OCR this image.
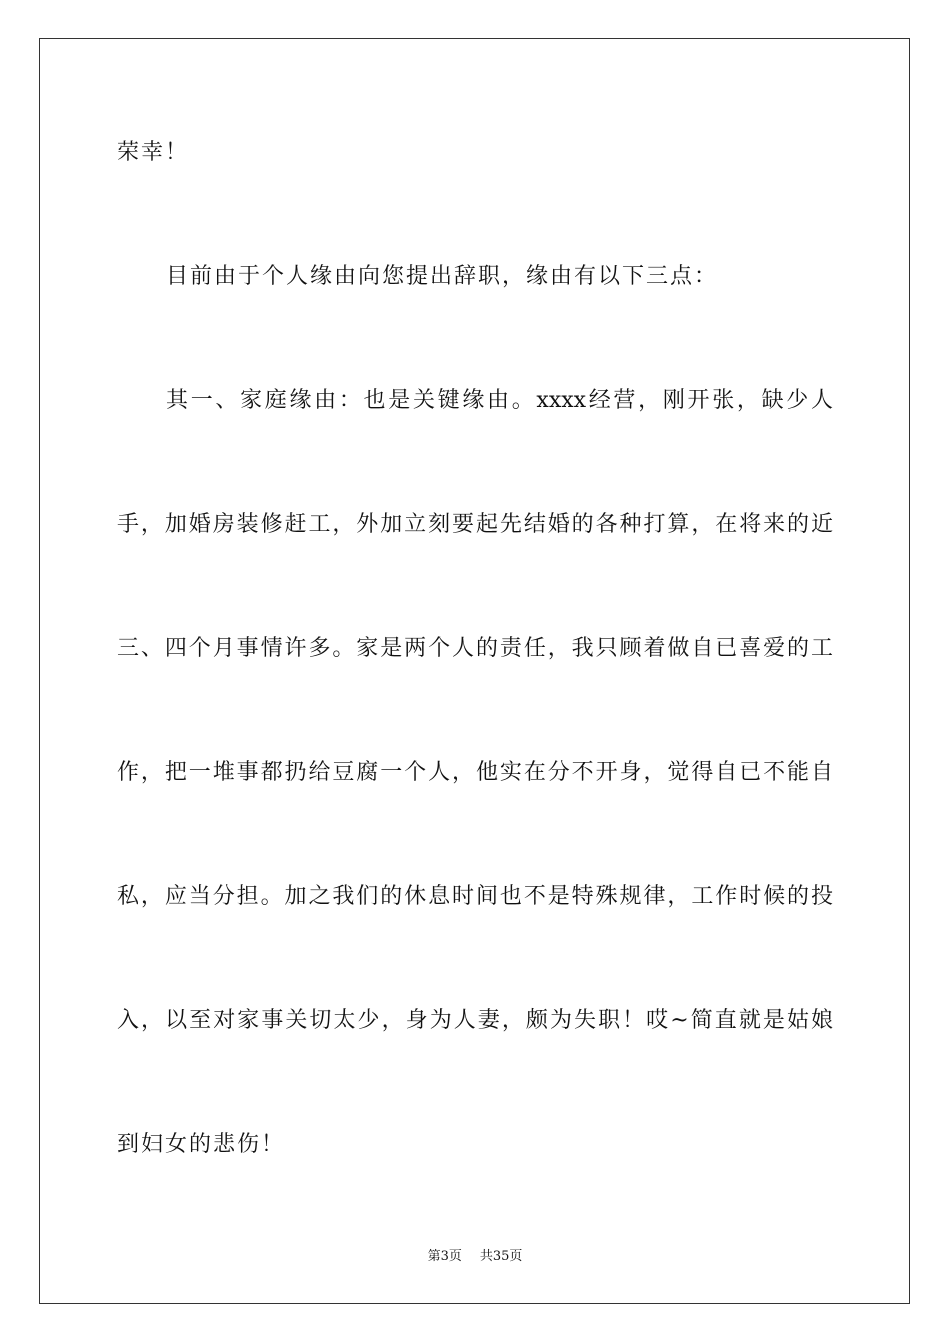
荣幸！
目前由于个人缘由向您提出辞职，缘由有以下三点：
其一、家庭缘由：也是关键缘由。xxxx经营，刚开张，缺少人
手，加婚房装修赶工，外加立刻要起先结婚的各种打算，在将来的近
三、四个月事情许多。家是两个人的责任，我只顾着做自已喜爱的工
作，把一堆事都扔给豆腐一个人，他实在分不开身，觉得自已不能自
私，应当分担。加之我们的休息时间也不是特殊规律，工作时候的投
入，以至对家事关切太少，身为人妻，颇为失职！哎~简直就是姑娘
到妇女的悲伤！
第3页 共35页
